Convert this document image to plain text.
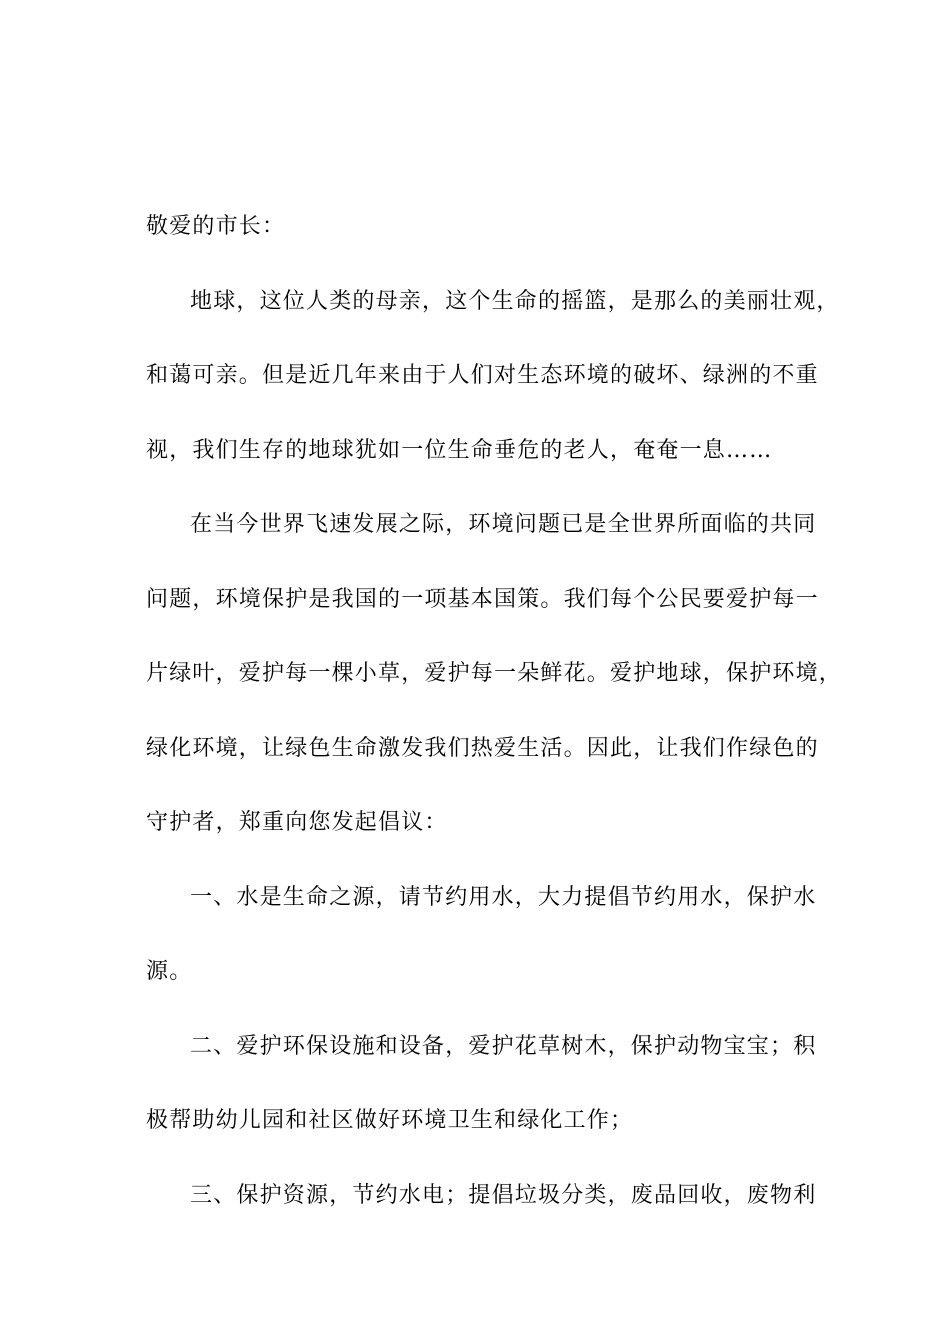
敬爱的市长：
地球，这位人类的母亲，这个生命的摇篮，是那么的美丽壮观，
和蔼可亲。但是近几年来由于人们对生态环境的破坏、绿洲的不重
视，我们生存的地球犹如一位生命垂危的老人，奄奄一息……
在当今世界飞速发展之际，环境问题已是全世界所面临的共同
问题，环境保护是我国的一项基本国策。我们每个公民要爱护每一
片绿叶，爱护每一棵小草，爱护每一朵鲜花。爱护地球，保护环境，
绿化环境，让绿色生命激发我们热爱生活。因此，让我们作绿色的
守护者，郑重向您发起倡议：
一、水是生命之源，请节约用水，大力提倡节约用水，保护水
源。
二、爱护环保设施和设备，爱护花草树木，保护动物宝宝；积
极帮助幼儿园和社区做好环境卫生和绿化工作；
三、保护资源，节约水电；提倡垃圾分类，废品回收，废物利
